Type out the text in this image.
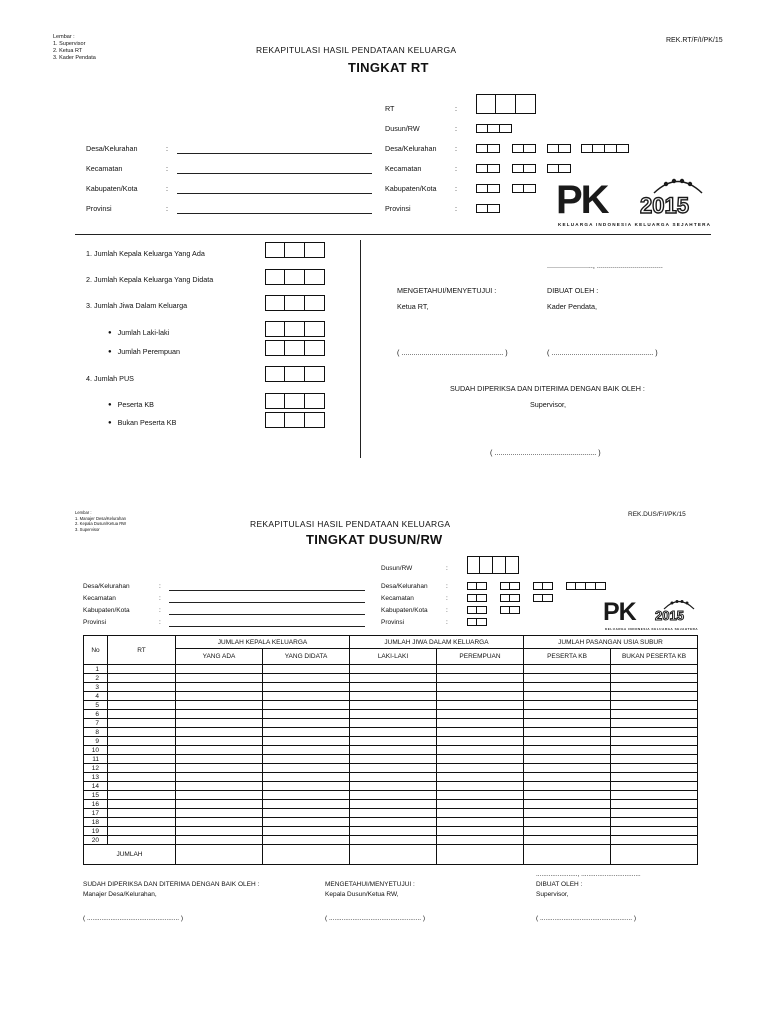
Lembar :
1. Supervisor
2. Ketua RT
3. Kader Pendata
REK.RT/F/I/PK/15
REKAPITULASI HASIL PENDATAAN KELUARGA
TINGKAT RT
RT	:
Dusun/RW	:
Desa/Kelurahan	:
Kecamatan	:
Kabupaten/Kota	:
Provinsi	:
Desa/Kelurahan	:
Kecamatan	:
Kabupaten/Kota	:
Provinsi	:	PK 2015
KELUARGA INDONESIA KELUARGA SEJAHTERA
1. Jumlah Kepala Keluarga Yang Ada
2. Jumlah Kepala Keluarga Yang Didata
3. Jumlah Jiwa Dalam Keluarga
● Jumlah Laki-laki
● Jumlah Perempuan
4. Jumlah PUS
● Peserta KB
● Bukan Peserta KB
......................., .................................
MENGETAHUI/MENYETUJUI :	DIBUAT OLEH :
Ketua RT,	Kader Pendata,
( ................................................... )	( ................................................... )
SUDAH DIPERIKSA DAN DITERIMA DENGAN BAIK OLEH :
Supervisor,
( ................................................... )
Lembar :
1. Manajer Desa/Kelurahan
2. Kepala Dusun/Ketua RW
3. Supervisor
REK.DUS/F/I/PK/15
REKAPITULASI HASIL PENDATAAN KELUARGA
TINGKAT DUSUN/RW
Dusun/RW	:
Desa/Kelurahan	:
Kecamatan	:
Kabupaten/Kota	:
Provinsi	:
Desa/Kelurahan	:
Kecamatan	:
Kabupaten/Kota	:
Provinsi	:	PK 2015
KELUARGA INDONESIA KELUARGA SEJAHTERA
No	RT	JUMLAH KEPALA KELUARGA		JUMLAH JIWA DALAM KELUARGA		JUMLAH PASANGAN USIA SUBUR	
		YANG ADA	YANG DIDATA	LAKI-LAKI	PEREMPUAN	PESERTA KB	BUKAN PESERTA KB
1							
2							
3							
4							
5							
6							
7							
8							
9							
10							
11							
12							
13							
14							
15							
16							
17							
18							
19							
20							
JUMLAH							
SUDAH DIPERIKSA DAN DITERIMA DENGAN BAIK OLEH :
Manajer Desa/Kelurahan,
MENGETAHUI/MENYETUJUI :
Kepala Dusun/Ketua RW,
......................., .................................
DIBUAT OLEH :
Supervisor,
( ................................................... )	( ................................................... )	( ................................................... )
